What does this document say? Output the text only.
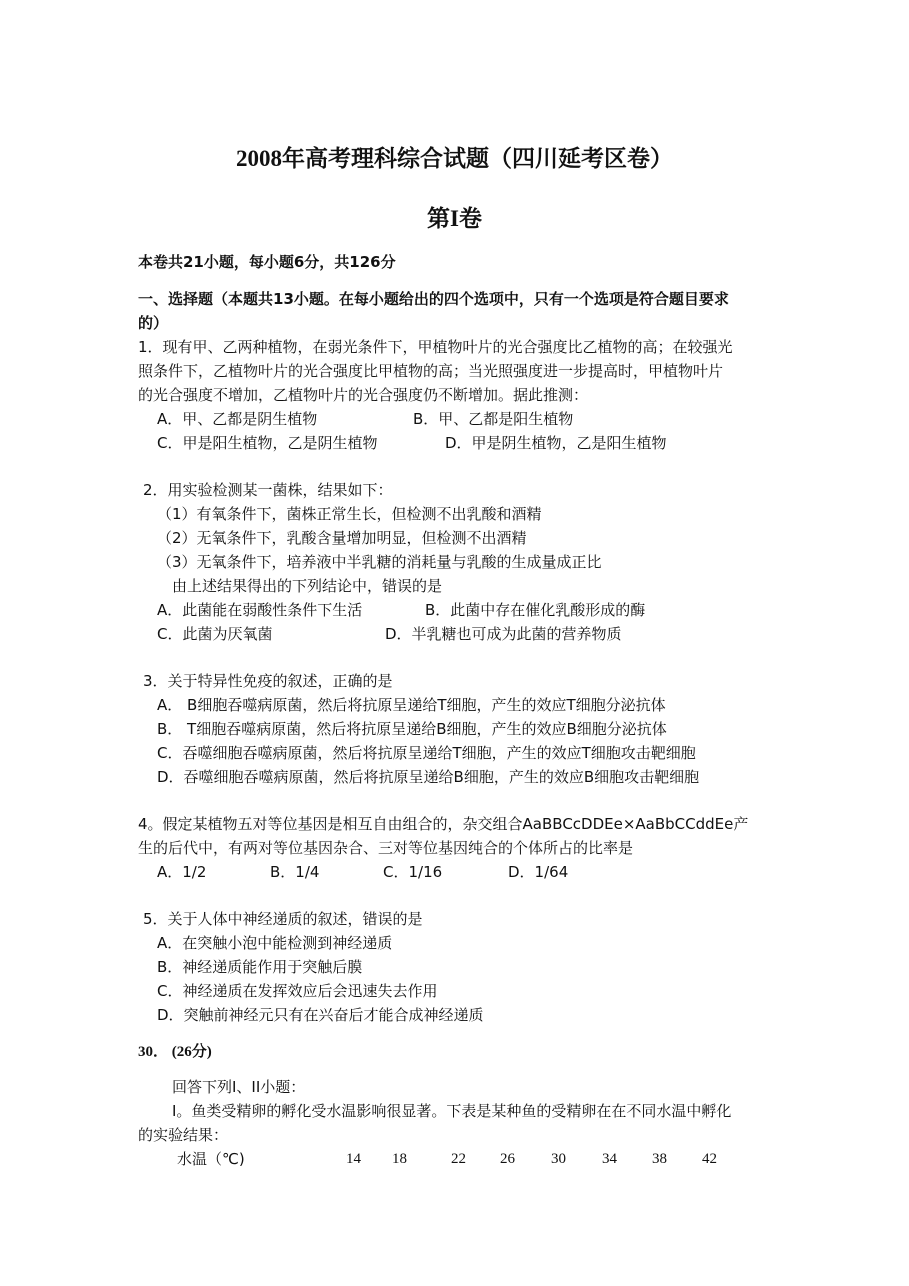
2008年高考理科综合试题（四川延考区卷）
第I卷
本卷共21小题，每小题6分，共126分
一、选择题（本题共13小题。在每小题给出的四个选项中，只有一个选项是符合题目要求
的）
1．现有甲、乙两种植物，在弱光条件下，甲植物叶片的光合强度比乙植物的高；在较强光
照条件下，乙植物叶片的光合强度比甲植物的高；当光照强度进一步提高时，甲植物叶片
的光合强度不增加，乙植物叶片的光合强度仍不断增加。据此推测：
A．甲、乙都是阴生植物	B．甲、乙都是阳生植物
C．甲是阳生植物，乙是阴生植物	D．甲是阴生植物，乙是阳生植物
2．用实验检测某一菌株，结果如下：
（1）有氧条件下，菌株正常生长，但检测不出乳酸和酒精
（2）无氧条件下，乳酸含量增加明显，但检测不出酒精
（3）无氧条件下，培养液中半乳糖的消耗量与乳酸的生成量成正比
由上述结果得出的下列结论中，错误的是
A．此菌能在弱酸性条件下生活	B．此菌中存在催化乳酸形成的酶
C．此菌为厌氧菌	D．半乳糖也可成为此菌的营养物质
3．关于特异性免疫的叙述，正确的是
A． B细胞吞噬病原菌，然后将抗原呈递给T细胞，产生的效应T细胞分泌抗体
B． T细胞吞噬病原菌，然后将抗原呈递给B细胞，产生的效应B细胞分泌抗体
C．吞噬细胞吞噬病原菌，然后将抗原呈递给T细胞，产生的效应T细胞攻击靶细胞
D．吞噬细胞吞噬病原菌，然后将抗原呈递给B细胞，产生的效应B细胞攻击靶细胞
4。假定某植物五对等位基因是相互自由组合的，杂交组合AaBBCcDDEe×AaBbCCddEe产
生的后代中，有两对等位基因杂合、三对等位基因纯合的个体所占的比率是
A．1/2	B．1/4	C．1/16	D．1/64
5．关于人体中神经递质的叙述，错误的是
A．在突触小泡中能检测到神经递质
B．神经递质能作用于突触后膜
C．神经递质在发挥效应后会迅速失去作用
D．突触前神经元只有在兴奋后才能合成神经递质
30． (26分)
回答下列I、II小题：
I。鱼类受精卵的孵化受水温影响很显著。下表是某种鱼的受精卵在在不同水温中孵化
的实验结果：
水温（℃)	14 18	22 26 30 34 38 42
